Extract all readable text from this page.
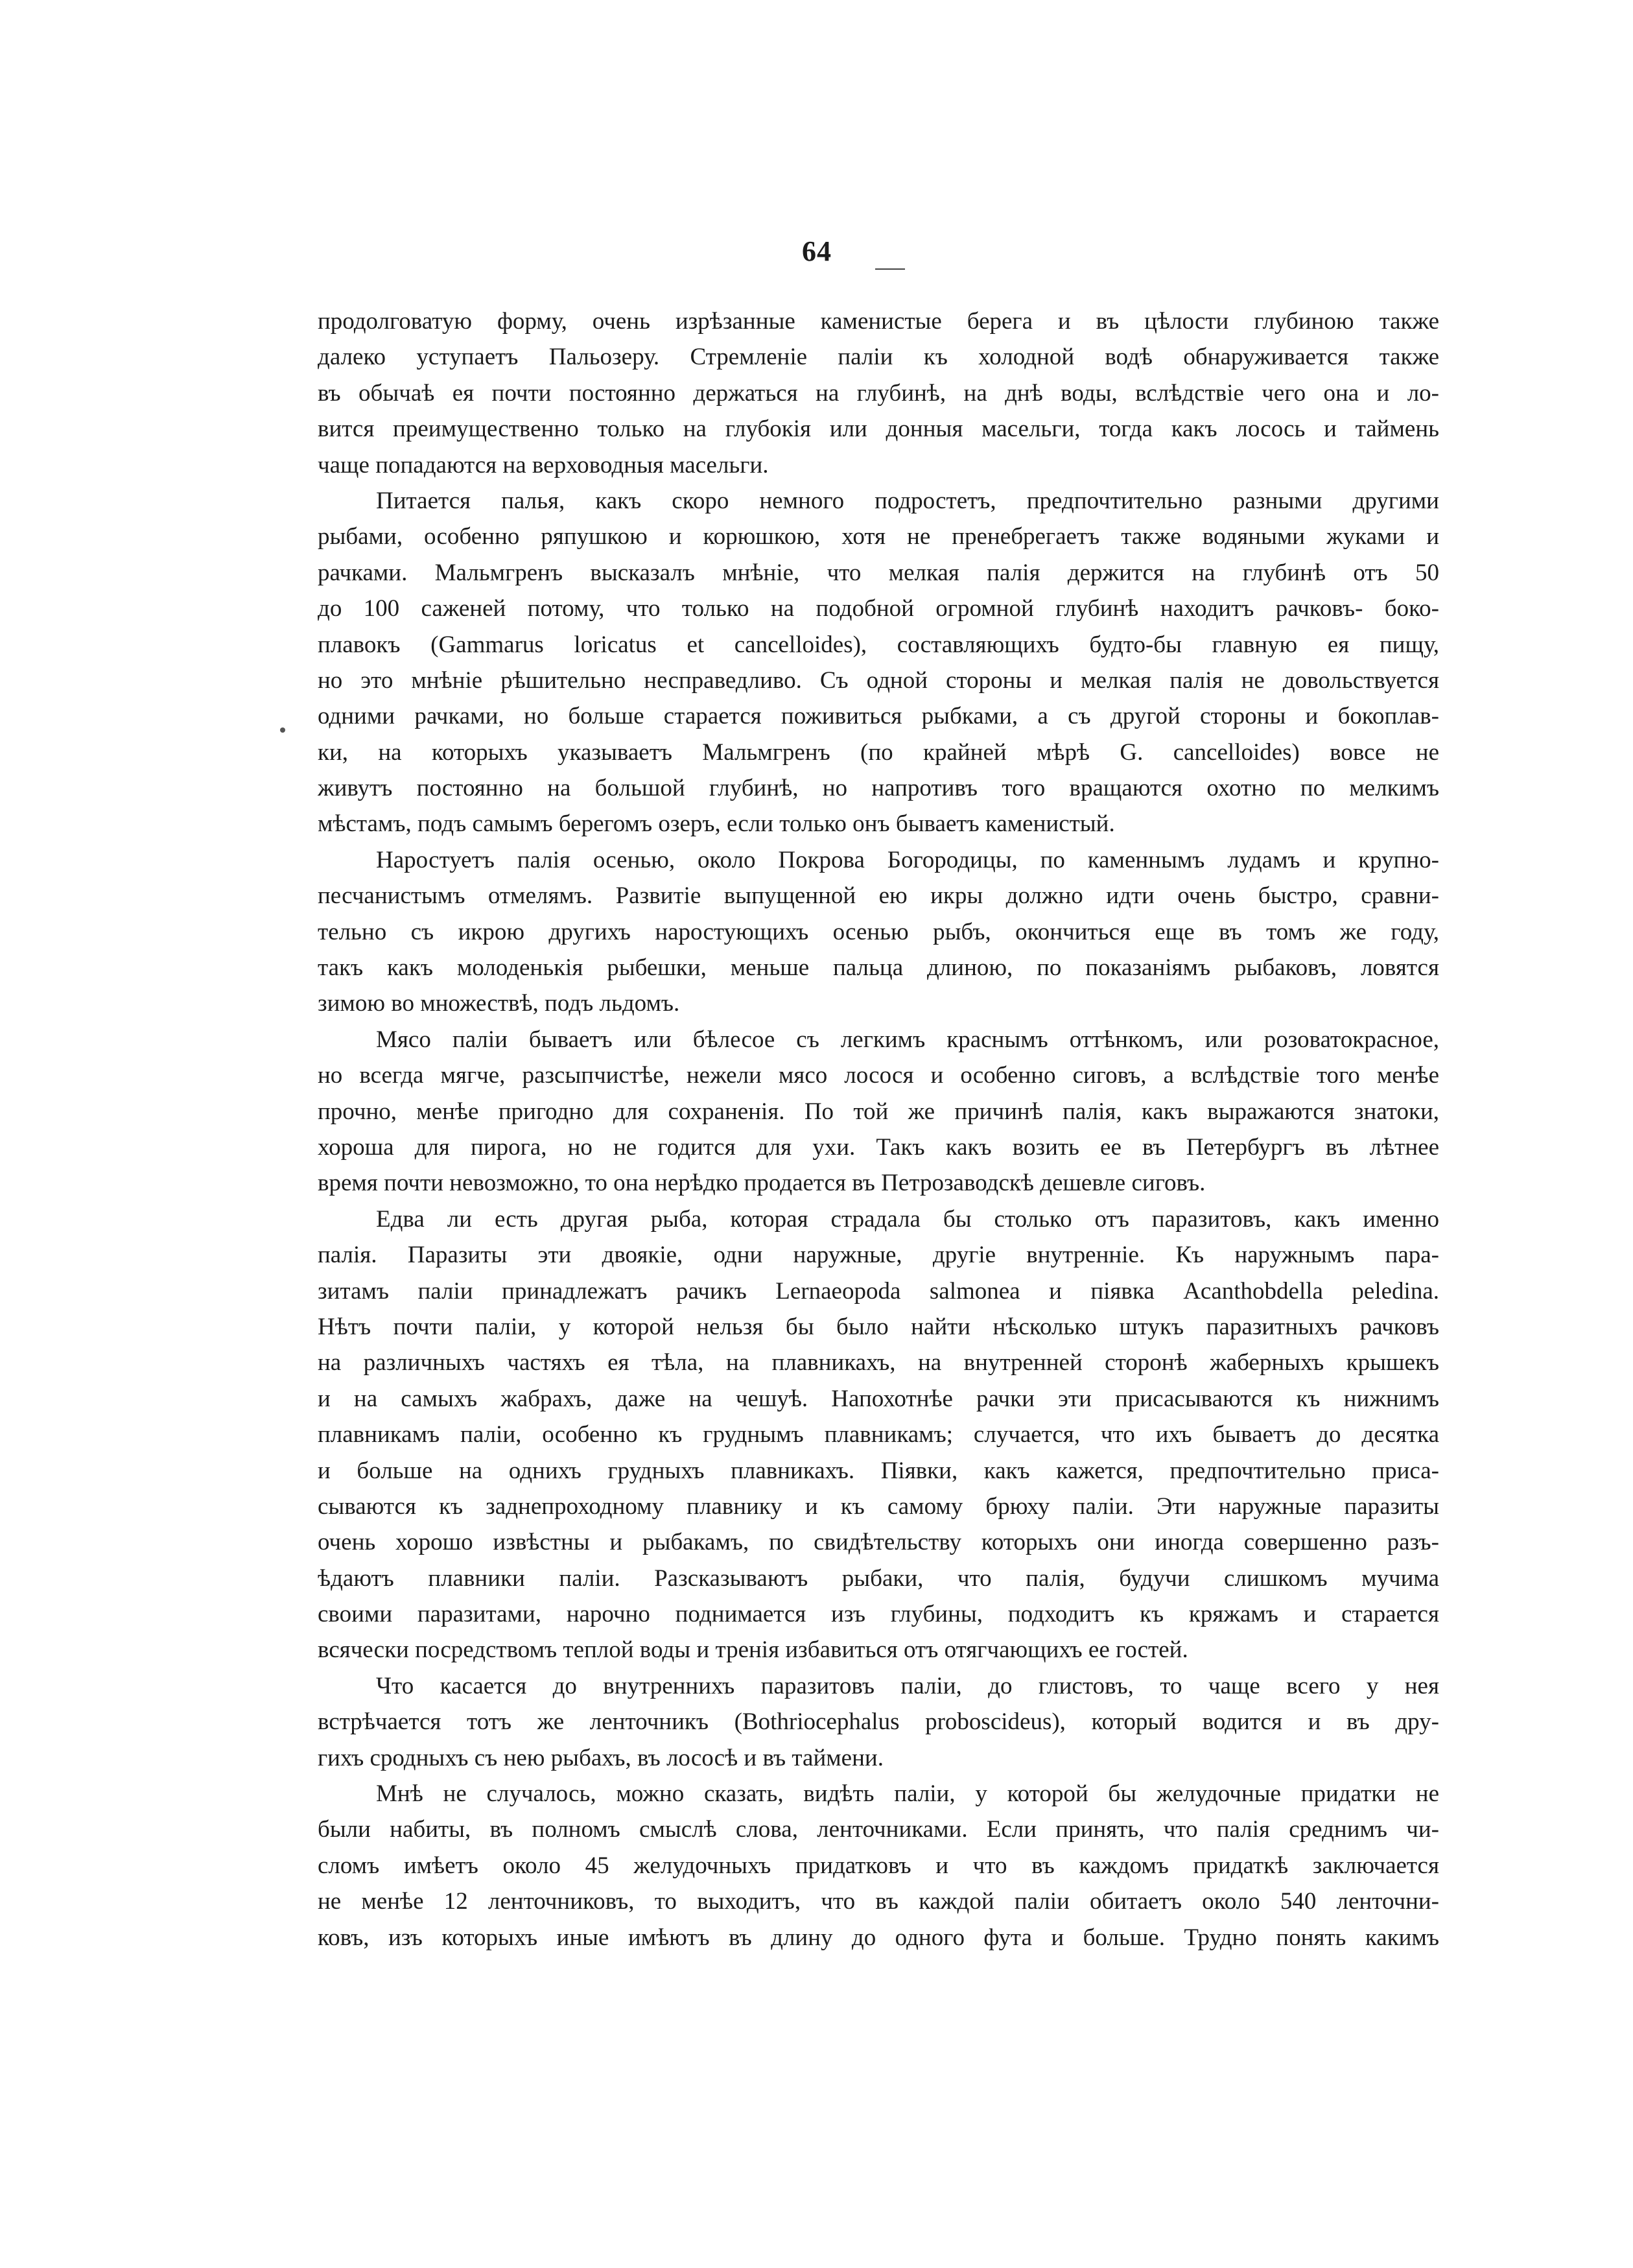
64
продолговатую форму, очень изрѣзанные каменистые берега и въ цѣлости глубиною также
далеко уступаетъ Пальозеру. Стремленіе паліи къ холодной водѣ обнаруживается также
въ обычаѣ ея почти постоянно держаться на глубинѣ, на днѣ воды, вслѣдствіе чего она и ло-
вится преимущественно только на глубокія или донныя масельги, тогда какъ лосось и таймень
чаще попадаются на верховодныя масельги.
Питается палья, какъ скоро немного подростетъ, предпочтительно разными другими
рыбами, особенно ряпушкою и корюшкою, хотя не пренебрегаетъ также водяными жуками и
рачками. Мальмгренъ высказалъ мнѣніе, что мелкая палія держится на глубинѣ отъ 50
до 100 саженей потому, что только на подобной огромной глубинѣ находитъ рачковъ- боко-
плавокъ (Gammarus loricatus et cancelloides), составляющихъ будто-бы главную ея пищу,
но это мнѣніе рѣшительно несправедливо. Съ одной стороны и мелкая палія не довольствуется
одними рачками, но больше старается поживиться рыбками, а съ другой стороны и бокоплав-
ки, на которыхъ указываетъ Мальмгренъ (по крайней мѣрѣ G. cancelloides) вовсе не
живутъ постоянно на большой глубинѣ, но напротивъ того вращаются охотно по мелкимъ
мѣстамъ, подъ самымъ берегомъ озеръ, если только онъ бываетъ каменистый.
Наростуетъ палія осенью, около Покрова Богородицы, по каменнымъ лудамъ и крупно-
песчанистымъ отмелямъ. Развитіе выпущенной ею икры должно идти очень быстро, сравни-
тельно съ икрою другихъ наростующихъ осенью рыбъ, окончиться еще въ томъ же году,
такъ какъ молоденькія рыбешки, меньше пальца длиною, по показаніямъ рыбаковъ, ловятся
зимою во множествѣ, подъ льдомъ.
Мясо паліи бываетъ или бѣлесое съ легкимъ краснымъ оттѣнкомъ, или розоватокрасное,
но всегда мягче, разсыпчистѣе, нежели мясо лосося и особенно сиговъ, а вслѣдствіе того менѣе
прочно, менѣе пригодно для сохраненія. По той же причинѣ палія, какъ выражаются знатоки,
хороша для пирога, но не годится для ухи. Такъ какъ возить ее въ Петербургъ въ лѣтнее
время почти невозможно, то она нерѣдко продается въ Петрозаводскѣ дешевле сиговъ.
Едва ли есть другая рыба, которая страдала бы столько отъ паразитовъ, какъ именно
палія. Паразиты эти двоякіе, одни наружные, другіе внутренніе. Къ наружнымъ пара-
зитамъ паліи принадлежатъ рачикъ Lernaeopoda salmonea и піявка Acanthobdella peledina.
Нѣтъ почти паліи, у которой нельзя бы было найти нѣсколько штукъ паразитныхъ рачковъ
на различныхъ частяхъ ея тѣла, на плавникахъ, на внутренней сторонѣ жаберныхъ крышекъ
и на самыхъ жабрахъ, даже на чешуѣ. Напохотнѣе рачки эти присасываются къ нижнимъ
плавникамъ паліи, особенно къ груднымъ плавникамъ; случается, что ихъ бываетъ до десятка
и больше на однихъ грудныхъ плавникахъ. Піявки, какъ кажется, предпочтительно приса-
сываются къ заднепроходному плавнику и къ самому брюху паліи. Эти наружные паразиты
очень хорошо извѣстны и рыбакамъ, по свидѣтельству которыхъ они иногда совершенно разъ-
ѣдаютъ плавники паліи. Разсказываютъ рыбаки, что палія, будучи слишкомъ мучима
своими паразитами, нарочно поднимается изъ глубины, подходитъ къ кряжамъ и старается
всячески посредствомъ теплой воды и тренія избавиться отъ отягчающихъ ее гостей.
Что касается до внутреннихъ паразитовъ паліи, до глистовъ, то чаще всего у нея
встрѣчается тотъ же ленточникъ (Bothriocephalus proboscideus), который водится и въ дру-
гихъ сродныхъ съ нею рыбахъ, въ лососѣ и въ таймени.
Мнѣ не случалось, можно сказать, видѣть паліи, у которой бы желудочные придатки не
были набиты, въ полномъ смыслѣ слова, ленточниками. Если принять, что палія среднимъ чи-
сломъ имѣетъ около 45 желудочныхъ придатковъ и что въ каждомъ придаткѣ заключается
не менѣе 12 ленточниковъ, то выходитъ, что въ каждой паліи обитаетъ около 540 ленточни-
ковъ, изъ которыхъ иные имѣютъ въ длину до одного фута и больше. Трудно понять какимъ
